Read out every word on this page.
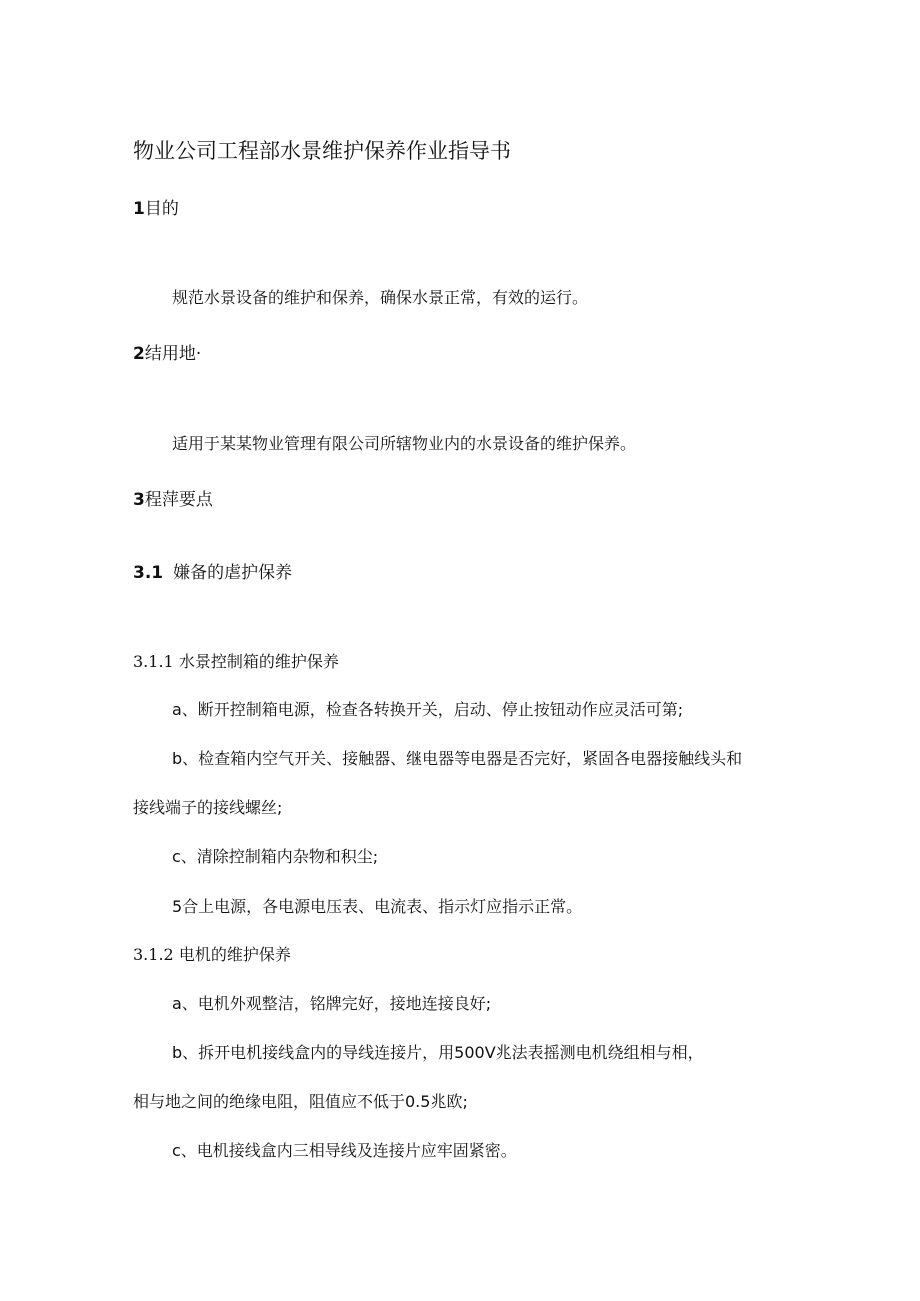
物业公司工程部水景维护保养作业指导书
1目的
规范水景设备的维护和保养，确保水景正常，有效的运行。
2结用地·
适用于某某物业管理有限公司所辖物业内的水景设备的维护保养。
3程萍要点
3.1 嫌备的虐护保养
3.1.1 水景控制箱的维护保养
a、断开控制箱电源，检查各转换开关，启动、停止按钮动作应灵活可第;
b、检查箱内空气开关、接触器、继电器等电器是否完好，紧固各电器接触线头和
接线端子的接线螺丝;
c、清除控制箱内杂物和积尘;
5合上电源，各电源电压表、电流表、指示灯应指示正常。
3.1.2 电机的维护保养
a、电机外观整洁，铭牌完好，接地连接良好;
b、拆开电机接线盒内的导线连接片，用500V兆法表摇测电机绕组相与相，
相与地之间的绝缘电阻，阻值应不低于0.5兆欧;
c、电机接线盒内三相导线及连接片应牢固紧密。
